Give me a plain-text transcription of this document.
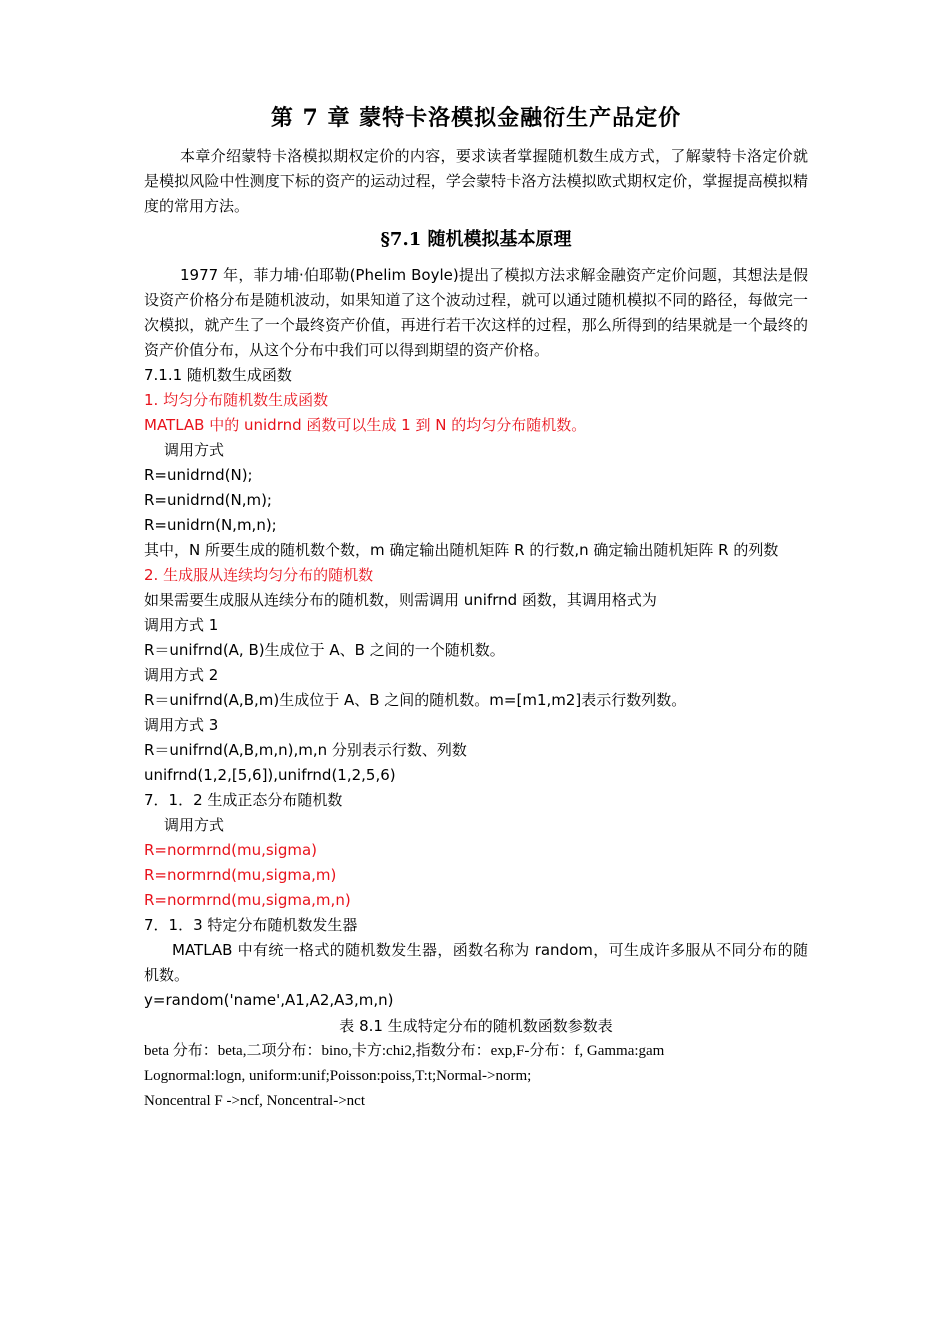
第 7 章 蒙特卡洛模拟金融衍生产品定价

本章介绍蒙特卡洛模拟期权定价的内容，要求读者掌握随机数生成方式，了解蒙特卡洛定价就是模拟风险中性测度下标的资产的运动过程，学会蒙特卡洛方法模拟欧式期权定价，掌握提高模拟精度的常用方法。

§7.1 随机模拟基本原理

1977 年，菲力埔·伯耶勒(Phelim Boyle)提出了模拟方法求解金融资产定价问题，其想法是假设资产价格分布是随机波动，如果知道了这个波动过程，就可以通过随机模拟不同的路径，每做完一次模拟，就产生了一个最终资产价值，再进行若干次这样的过程，那么所得到的结果就是一个最终的资产价值分布，从这个分布中我们可以得到期望的资产价格。

7.1.1 随机数生成函数

1. 均匀分布随机数生成函数

MATLAB 中的 unidrnd 函数可以生成 1 到 N 的均匀分布随机数。

调用方式

R=unidrnd(N);

R=unidrnd(N,m);

R=unidrn(N,m,n);

其中，N 所要生成的随机数个数，m 确定输出随机矩阵 R 的行数,n 确定输出随机矩阵 R 的列数

2. 生成服从连续均匀分布的随机数

如果需要生成服从连续分布的随机数，则需调用 unifrnd 函数，其调用格式为

调用方式 1

R＝unifrnd(A, B)生成位于 A、B 之间的一个随机数。

调用方式 2

R＝unifrnd(A,B,m)生成位于 A、B 之间的随机数。m=[m1,m2]表示行数列数。

调用方式 3

R＝unifrnd(A,B,m,n),m,n 分别表示行数、列数

unifrnd(1,2,[5,6]),unifrnd(1,2,5,6)

7．1．2 生成正态分布随机数

调用方式

R=normrnd(mu,sigma)

R=normrnd(mu,sigma,m)

R=normrnd(mu,sigma,m,n)

7．1．3 特定分布随机数发生器

MATLAB 中有统一格式的随机数发生器，函数名称为 random，可生成许多服从不同分布的随机数。

y=random('name',A1,A2,A3,m,n)

表 8.1 生成特定分布的随机数函数参数表

beta 分布：beta,二项分布：bino,卡方:chi2,指数分布：exp,F-分布：f, Gamma:gam

Lognormal:logn, uniform:unif;Poisson:poiss,T:t;Normal->norm;

Noncentral F ->ncf, Noncentral->nct
